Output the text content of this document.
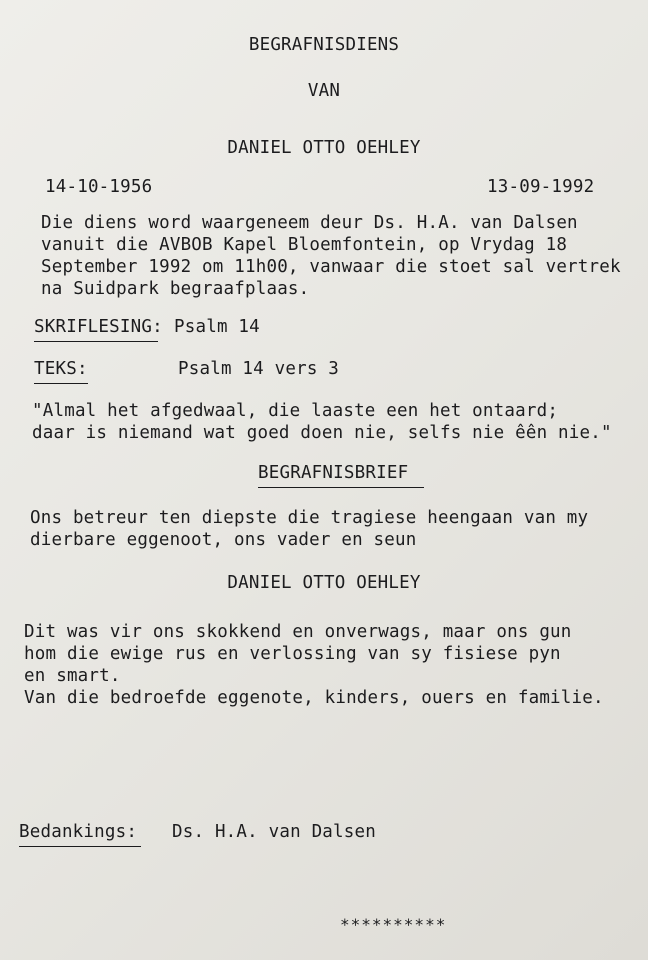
BEGRAFNISDIENS
VAN
DANIEL OTTO OEHLEY
14-10-1956	13-09-1992
Die diens word waargeneem deur Ds. H.A. van Dalsen
vanuit die AVBOB Kapel Bloemfontein, op Vrydag 18
September 1992 om 11h00, vanwaar die stoet sal vertrek
na Suidpark begraafplaas.
SKRIFLESING: Psalm 14
TEKS:	Psalm 14 vers 3
"Almal het afgedwaal, die laaste een het ontaard;
daar is niemand wat goed doen nie, selfs nie êên nie."
BEGRAFNISBRIEF
Ons betreur ten diepste die tragiese heengaan van my
dierbare eggenoot, ons vader en seun
DANIEL OTTO OEHLEY
Dit was vir ons skokkend en onverwags, maar ons gun
hom die ewige rus en verlossing van sy fisiese pyn
en smart.
Van die bedroefde eggenote, kinders, ouers en familie.
Bedankings: Ds. H.A. van Dalsen
**********
